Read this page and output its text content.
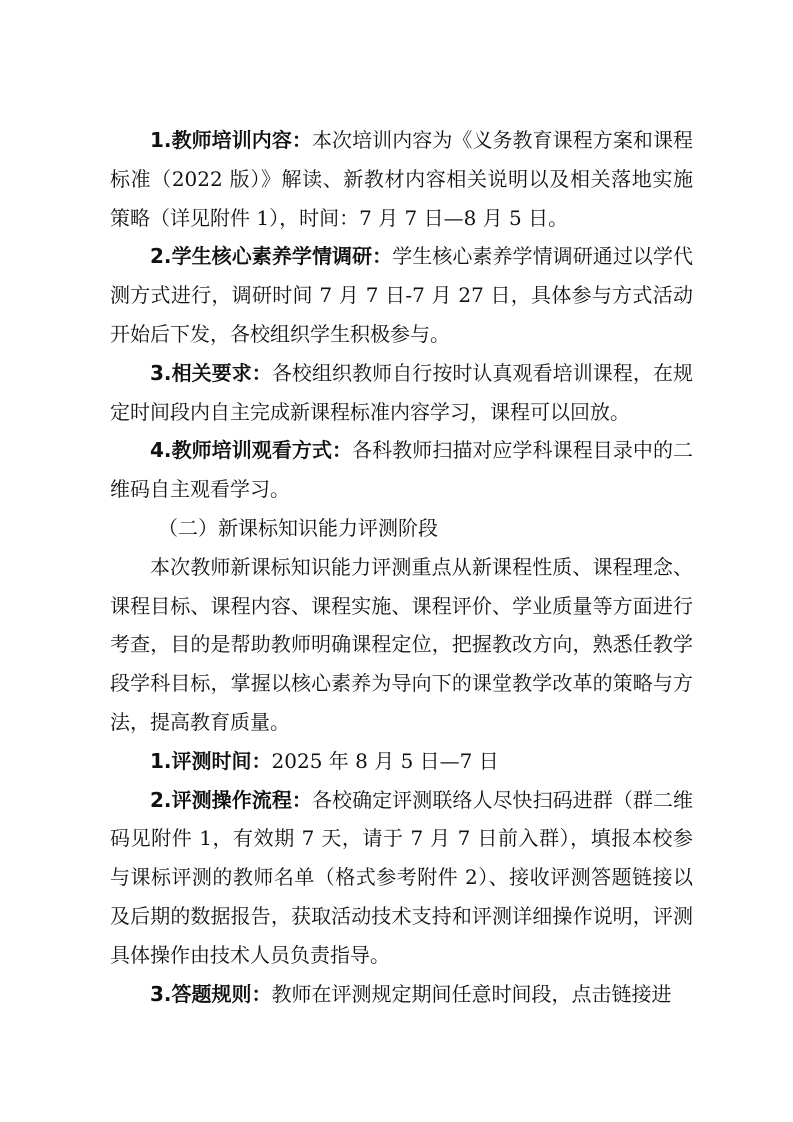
1.教师培训内容：本次培训内容为《义务教育课程方案和课程标准（2022 版）》解读、新教材内容相关说明以及相关落地实施策略（详见附件 1），时间：7 月 7 日—8 月 5 日。

2.学生核心素养学情调研：学生核心素养学情调研通过以学代测方式进行，调研时间 7 月 7 日-7 月 27 日，具体参与方式活动开始后下发，各校组织学生积极参与。

3.相关要求：各校组织教师自行按时认真观看培训课程，在规定时间段内自主完成新课程标准内容学习，课程可以回放。

4.教师培训观看方式：各科教师扫描对应学科课程目录中的二维码自主观看学习。

（二）新课标知识能力评测阶段

本次教师新课标知识能力评测重点从新课程性质、课程理念、课程目标、课程内容、课程实施、课程评价、学业质量等方面进行考查，目的是帮助教师明确课程定位，把握教改方向，熟悉任教学段学科目标，掌握以核心素养为导向下的课堂教学改革的策略与方法，提高教育质量。

1.评测时间：2025 年 8 月 5 日—7 日

2.评测操作流程：各校确定评测联络人尽快扫码进群（群二维码见附件 1，有效期 7 天，请于 7 月 7 日前入群），填报本校参与课标评测的教师名单（格式参考附件 2）、接收评测答题链接以及后期的数据报告，获取活动技术支持和评测详细操作说明，评测具体操作由技术人员负责指导。

3.答题规则：教师在评测规定期间任意时间段，点击链接进
